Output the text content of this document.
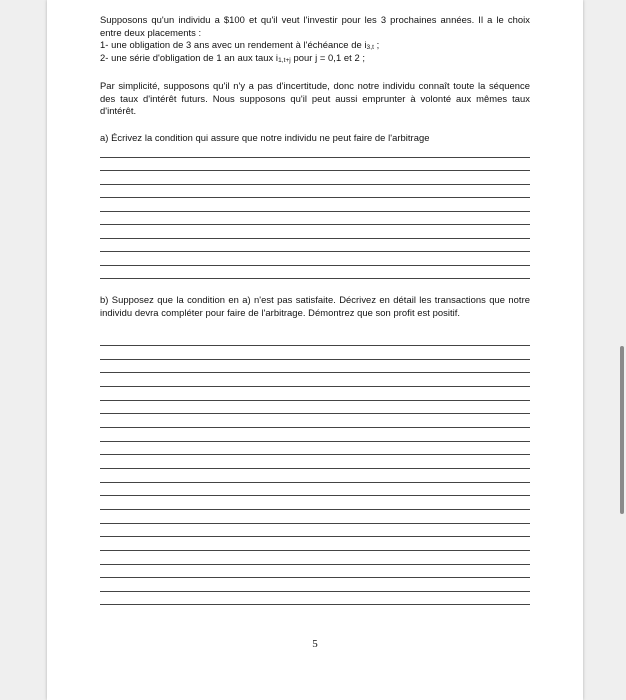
Supposons qu'un individu a $100 et qu'il veut l'investir pour les 3 prochaines années. Il a le choix entre deux placements :

1- une obligation de 3 ans avec un rendement à l'échéance de $i_{3,t}$ ;

2- une série d'obligation de 1 an aux taux $i_{1,t+j}$ pour j = 0,1 et 2 ;

Par simplicité, supposons qu'il n'y a pas d'incertitude, donc notre individu connaît toute la séquence des taux d'intérêt futurs. Nous supposons qu'il peut aussi emprunter à volonté aux mêmes taux d'intérêt.
a) Écrivez la condition qui assure que notre individu ne peut faire de l'arbitrage
b) Supposez que la condition en a) n'est pas satisfaite. Décrivez en détail les transactions que notre individu devra compléter pour faire de l'arbitrage. Démontrez que son profit est positif.
5
